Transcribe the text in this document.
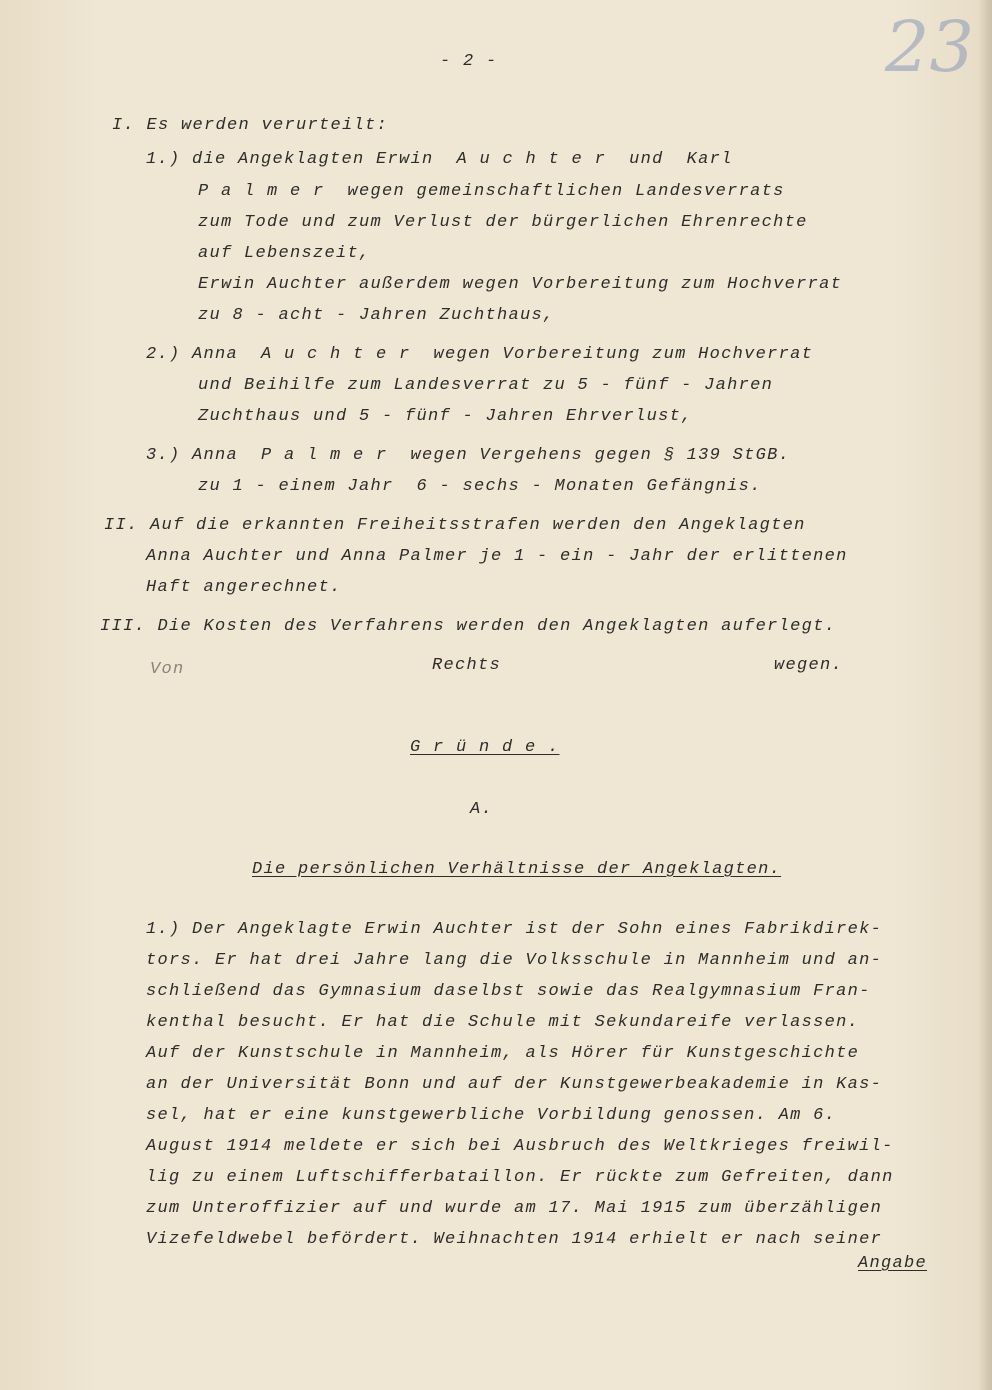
23
- 2 -
I. Es werden verurteilt:
1.) die Angeklagten Erwin  A u c h t e r  und  Karl
P a l m e r  wegen gemeinschaftlichen Landesverrats
zum Tode und zum Verlust der bürgerlichen Ehrenrechte
auf Lebenszeit,
Erwin Auchter außerdem wegen Vorbereitung zum Hochverrat
zu 8 - acht - Jahren Zuchthaus,
2.) Anna  A u c h t e r  wegen Vorbereitung zum Hochverrat
und Beihilfe zum Landesverrat zu 5 - fünf - Jahren
Zuchthaus und 5 - fünf - Jahren Ehrverlust,
3.) Anna  P a l m e r  wegen Vergehens gegen § 139 StGB.
zu 1 - einem Jahr  6 - sechs - Monaten Gefängnis.
II. Auf die erkannten Freiheitsstrafen werden den Angeklagten
Anna Auchter und Anna Palmer je 1 - ein - Jahr der erlittenen
Haft angerechnet.
III. Die Kosten des Verfahrens werden den Angeklagten auferlegt.
Von	Rechts	wegen.
G r ü n d e .
A.
Die persönlichen Verhältnisse der Angeklagten.
1.) Der Angeklagte Erwin Auchter ist der Sohn eines Fabrikdirek-
tors. Er hat drei Jahre lang die Volksschule in Mannheim und an-
schließend das Gymnasium daselbst sowie das Realgymnasium Fran-
kenthal besucht. Er hat die Schule mit Sekundareife verlassen.
Auf der Kunstschule in Mannheim, als Hörer für Kunstgeschichte
an der Universität Bonn und auf der Kunstgewerbeakademie in Kas-
sel, hat er eine kunstgewerbliche Vorbildung genossen. Am 6.
August 1914 meldete er sich bei Ausbruch des Weltkrieges freiwil-
lig zu einem Luftschifferbataillon. Er rückte zum Gefreiten, dann
zum Unteroffizier auf und wurde am 17. Mai 1915 zum überzähligen
Vizefeldwebel befördert. Weihnachten 1914 erhielt er nach seiner
Angabe
